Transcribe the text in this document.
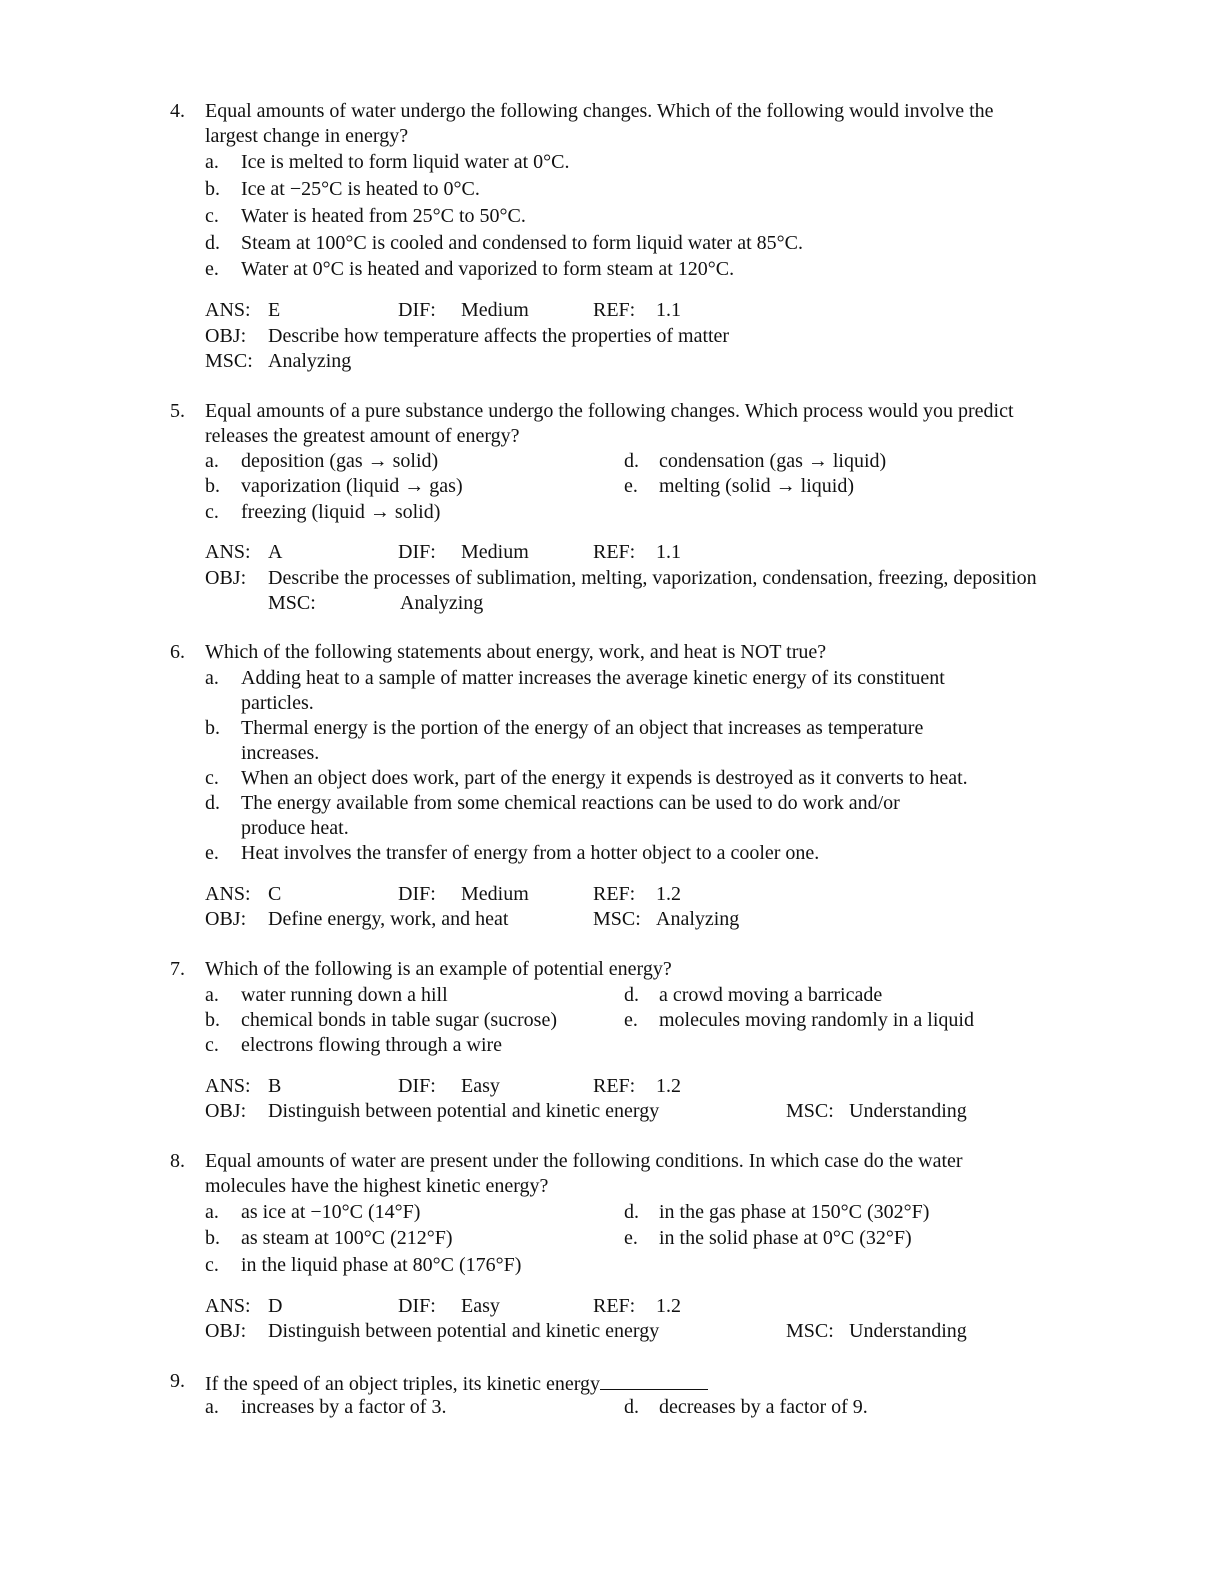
4. Equal amounts of water undergo the following changes. Which of the following would involve the
largest change in energy?
a. Ice is melted to form liquid water at 0°C.
b. Ice at −25°C is heated to 0°C.
c. Water is heated from 25°C to 50°C.
d. Steam at 100°C is cooled and condensed to form liquid water at 85°C.
e. Water at 0°C is heated and vaporized to form steam at 120°C.
ANS: E	DIF: Medium	REF: 1.1
OBJ: Describe how temperature affects the properties of matter
MSC: Analyzing
5. Equal amounts of a pure substance undergo the following changes. Which process would you predict
releases the greatest amount of energy?
a. deposition (gas → solid)
b. vaporization (liquid → gas)
c. freezing (liquid → solid)
d. condensation (gas → liquid)
e. melting (solid → liquid)
ANS: A	DIF: Medium	REF: 1.1
OBJ: Describe the processes of sublimation, melting, vaporization, condensation, freezing, deposition
MSC:	Analyzing
6. Which of the following statements about energy, work, and heat is NOT true?
a. Adding heat to a sample of matter increases the average kinetic energy of its constituent
particles.
b. Thermal energy is the portion of the energy of an object that increases as temperature
increases.
c. When an object does work, part of the energy it expends is destroyed as it converts to heat.
d. The energy available from some chemical reactions can be used to do work and/or
produce heat.
e. Heat involves the transfer of energy from a hotter object to a cooler one.
ANS: C	DIF: Medium	REF: 1.2
OBJ: Define energy, work, and heat	MSC: Analyzing
7. Which of the following is an example of potential energy?
a. water running down a hill
b. chemical bonds in table sugar (sucrose)
c. electrons flowing through a wire
d. a crowd moving a barricade
e. molecules moving randomly in a liquid
ANS: B	DIF: Easy	REF: 1.2
OBJ: Distinguish between potential and kinetic energy	MSC: Understanding
8. Equal amounts of water are present under the following conditions. In which case do the water
molecules have the highest kinetic energy?
a. as ice at −10°C (14°F)
b. as steam at 100°C (212°F)
c. in the liquid phase at 80°C (176°F)
d. in the gas phase at 150°C (302°F)
e. in the solid phase at 0°C (32°F)
ANS: D	DIF: Easy	REF: 1.2
OBJ: Distinguish between potential and kinetic energy	MSC: Understanding
9. If the speed of an object triples, its kinetic energy
a. increases by a factor of 3.	d. decreases by a factor of 9.
